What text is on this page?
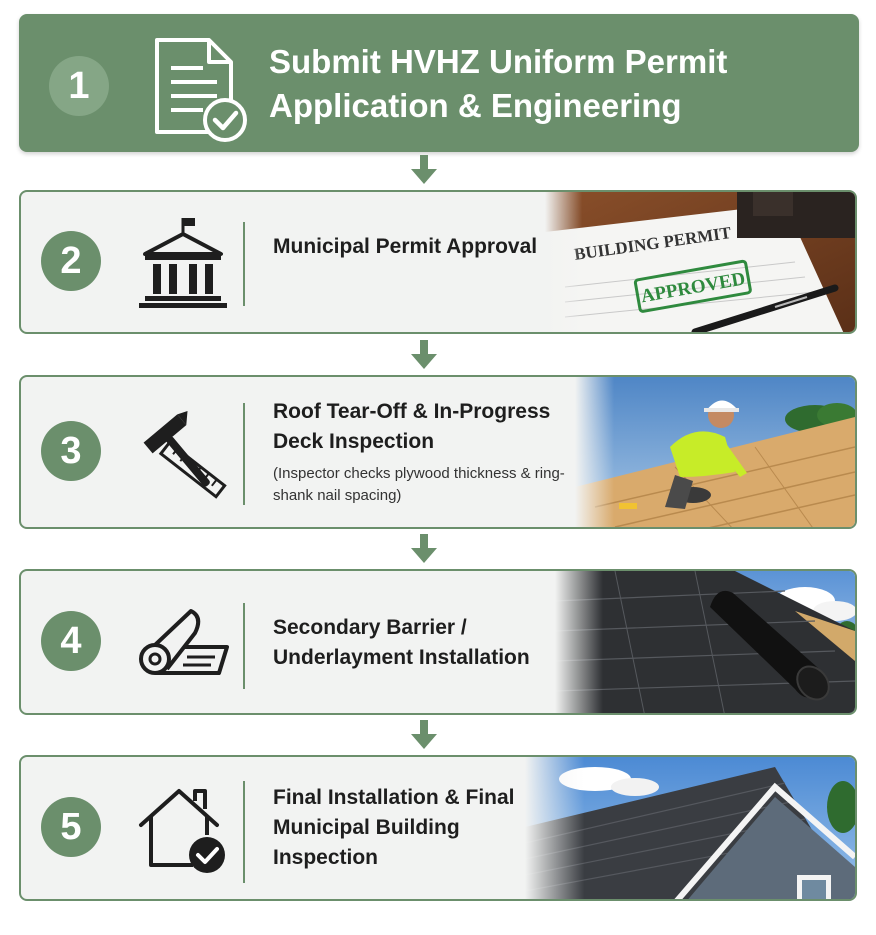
1
Submit HVHZ Uniform Permit Application & Engineering
2	Municipal Permit Approval
3
Roof Tear-Off & In-Progress Deck Inspection
(Inspector checks plywood thickness & ring-shank nail spacing)
4	Secondary Barrier / Underlayment Installation
5
Final Installation & Final Municipal Building Inspection
